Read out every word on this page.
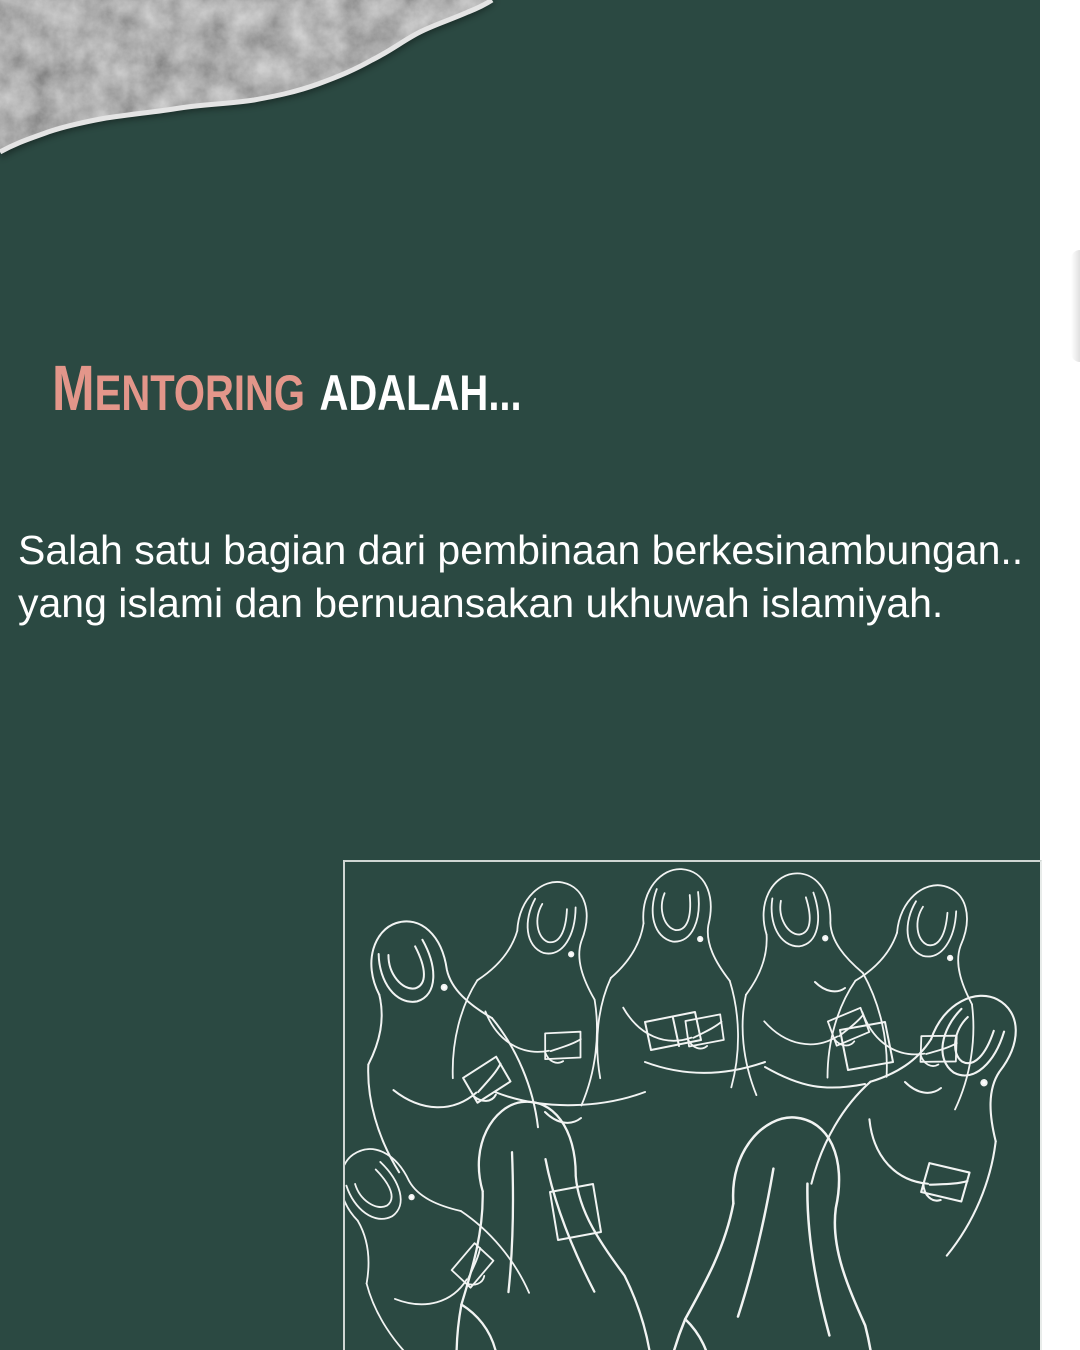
MENTORING ADALAH...
Salah satu bagian dari pembinaan berkesinambungan..
yang islami dan bernuansakan ukhuwah islamiyah.
